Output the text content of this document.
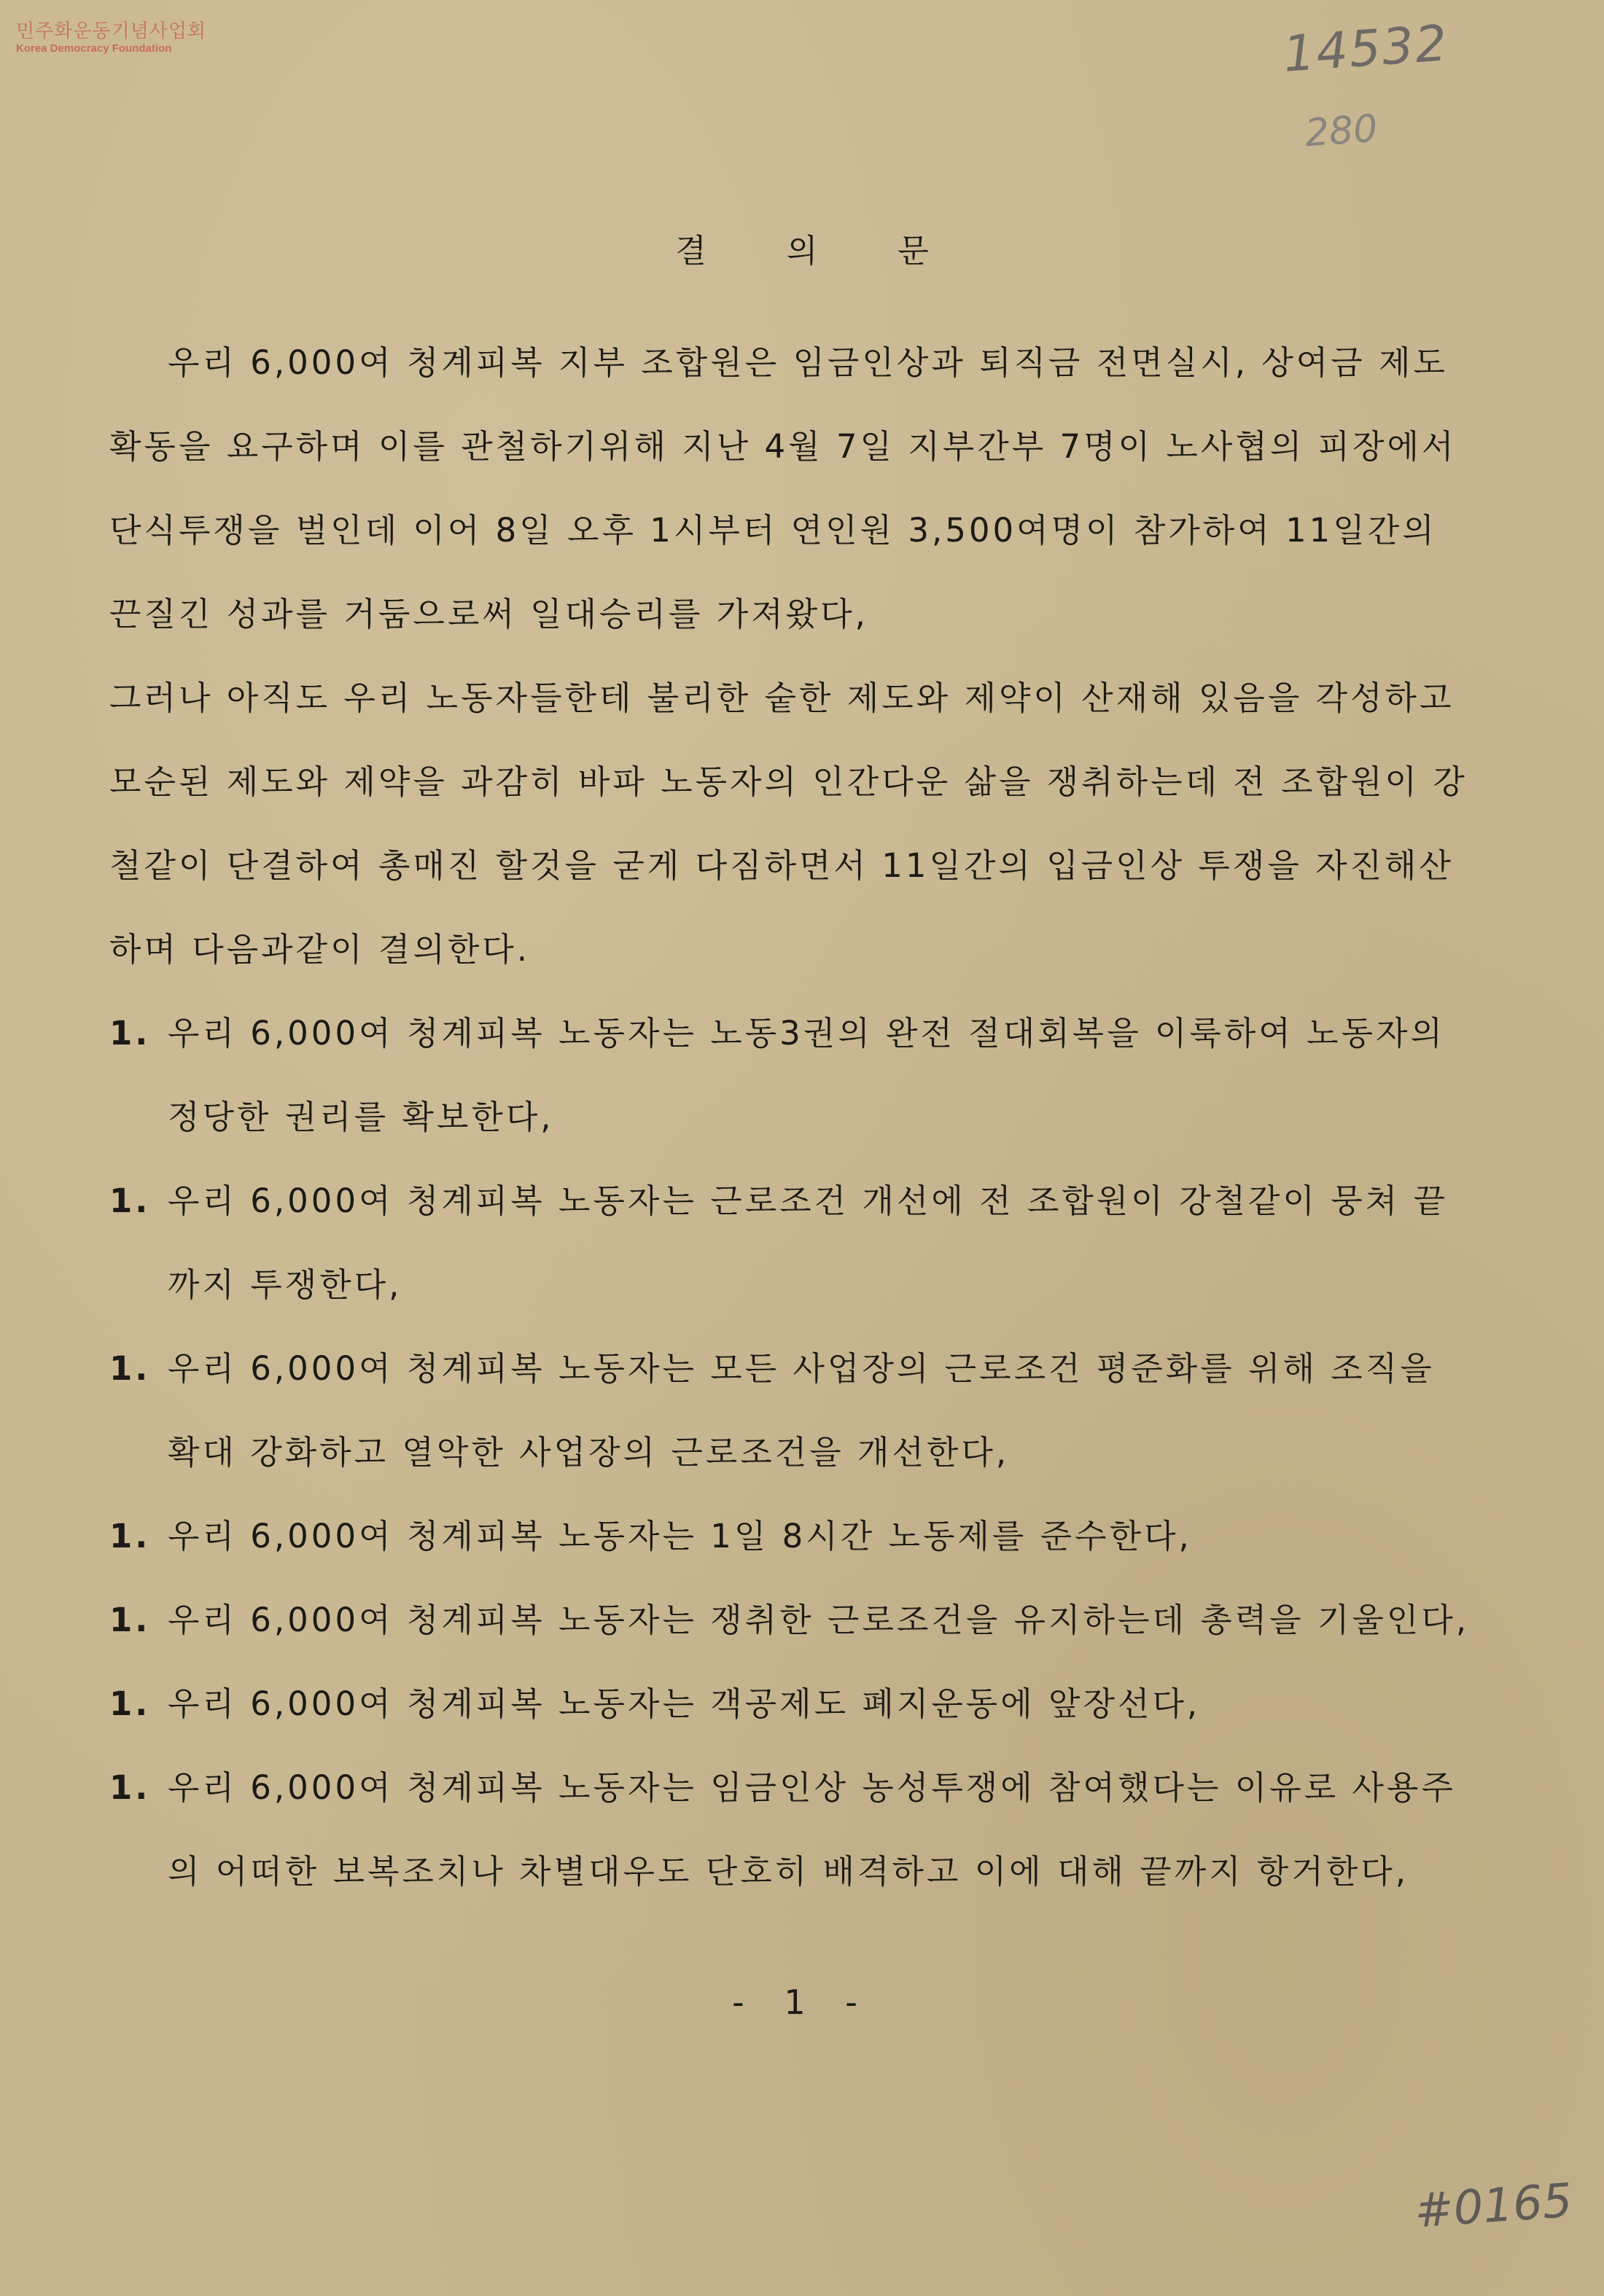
민주화운동기념사업회
Korea Democracy Foundation	14532
280
결의문

우리 6,000여 청계피복 지부 조합원은 임금인상과 퇴직금 전면실시, 상여금 제도확동을 요구하며 이를 관철하기위해 지난 4월 7일 지부간부 7명이 노사협의 피장에서 단식투쟁을 벌인데 이어 8일 오후 1시부터 연인원 3,500여명이 참가하여 11일간의 끈질긴 성과를 거둠으로써 일대승리를 가져왔다,

그러나 아직도 우리 노동자들한테 불리한 숱한 제도와 제약이 산재해 있음을 각성하고 모순된 제도와 제약을 과감히 바파 노동자의 인간다운 삶을 쟁취하는데 전 조합원이 강철같이 단결하여 총매진 할것을 굳게 다짐하면서 11일간의 입금인상 투쟁을 자진해산 하며 다음과같이 결의한다.

1. 우리 6,000여 청계피복 노동자는 노동3권의 완전 절대회복을 이룩하여 노동자의 정당한 권리를 확보한다,
1. 우리 6,000여 청계피복 노동자는 근로조건 개선에 전 조합원이 강철같이 뭉쳐 끝까지 투쟁한다,
1. 우리 6,000여 청계피복 노동자는 모든 사업장의 근로조건 평준화를 위해 조직을 확대 강화하고 열악한 사업장의 근로조건을 개선한다,
1. 우리 6,000여 청계피복 노동자는 1일 8시간 노동제를 준수한다,
1. 우리 6,000여 청계피복 노동자는 쟁취한 근로조건을 유지하는데 총력을 기울인다,
1. 우리 6,000여 청계피복 노동자는 객공제도 폐지운동에 앞장선다,
1. 우리 6,000여 청계피복 노동자는 임금인상 농성투쟁에 참여했다는 이유로 사용주의 어떠한 보복조치나 차별대우도 단호히 배격하고 이에 대해 끝까지 항거한다,
- 1 -
#0165
